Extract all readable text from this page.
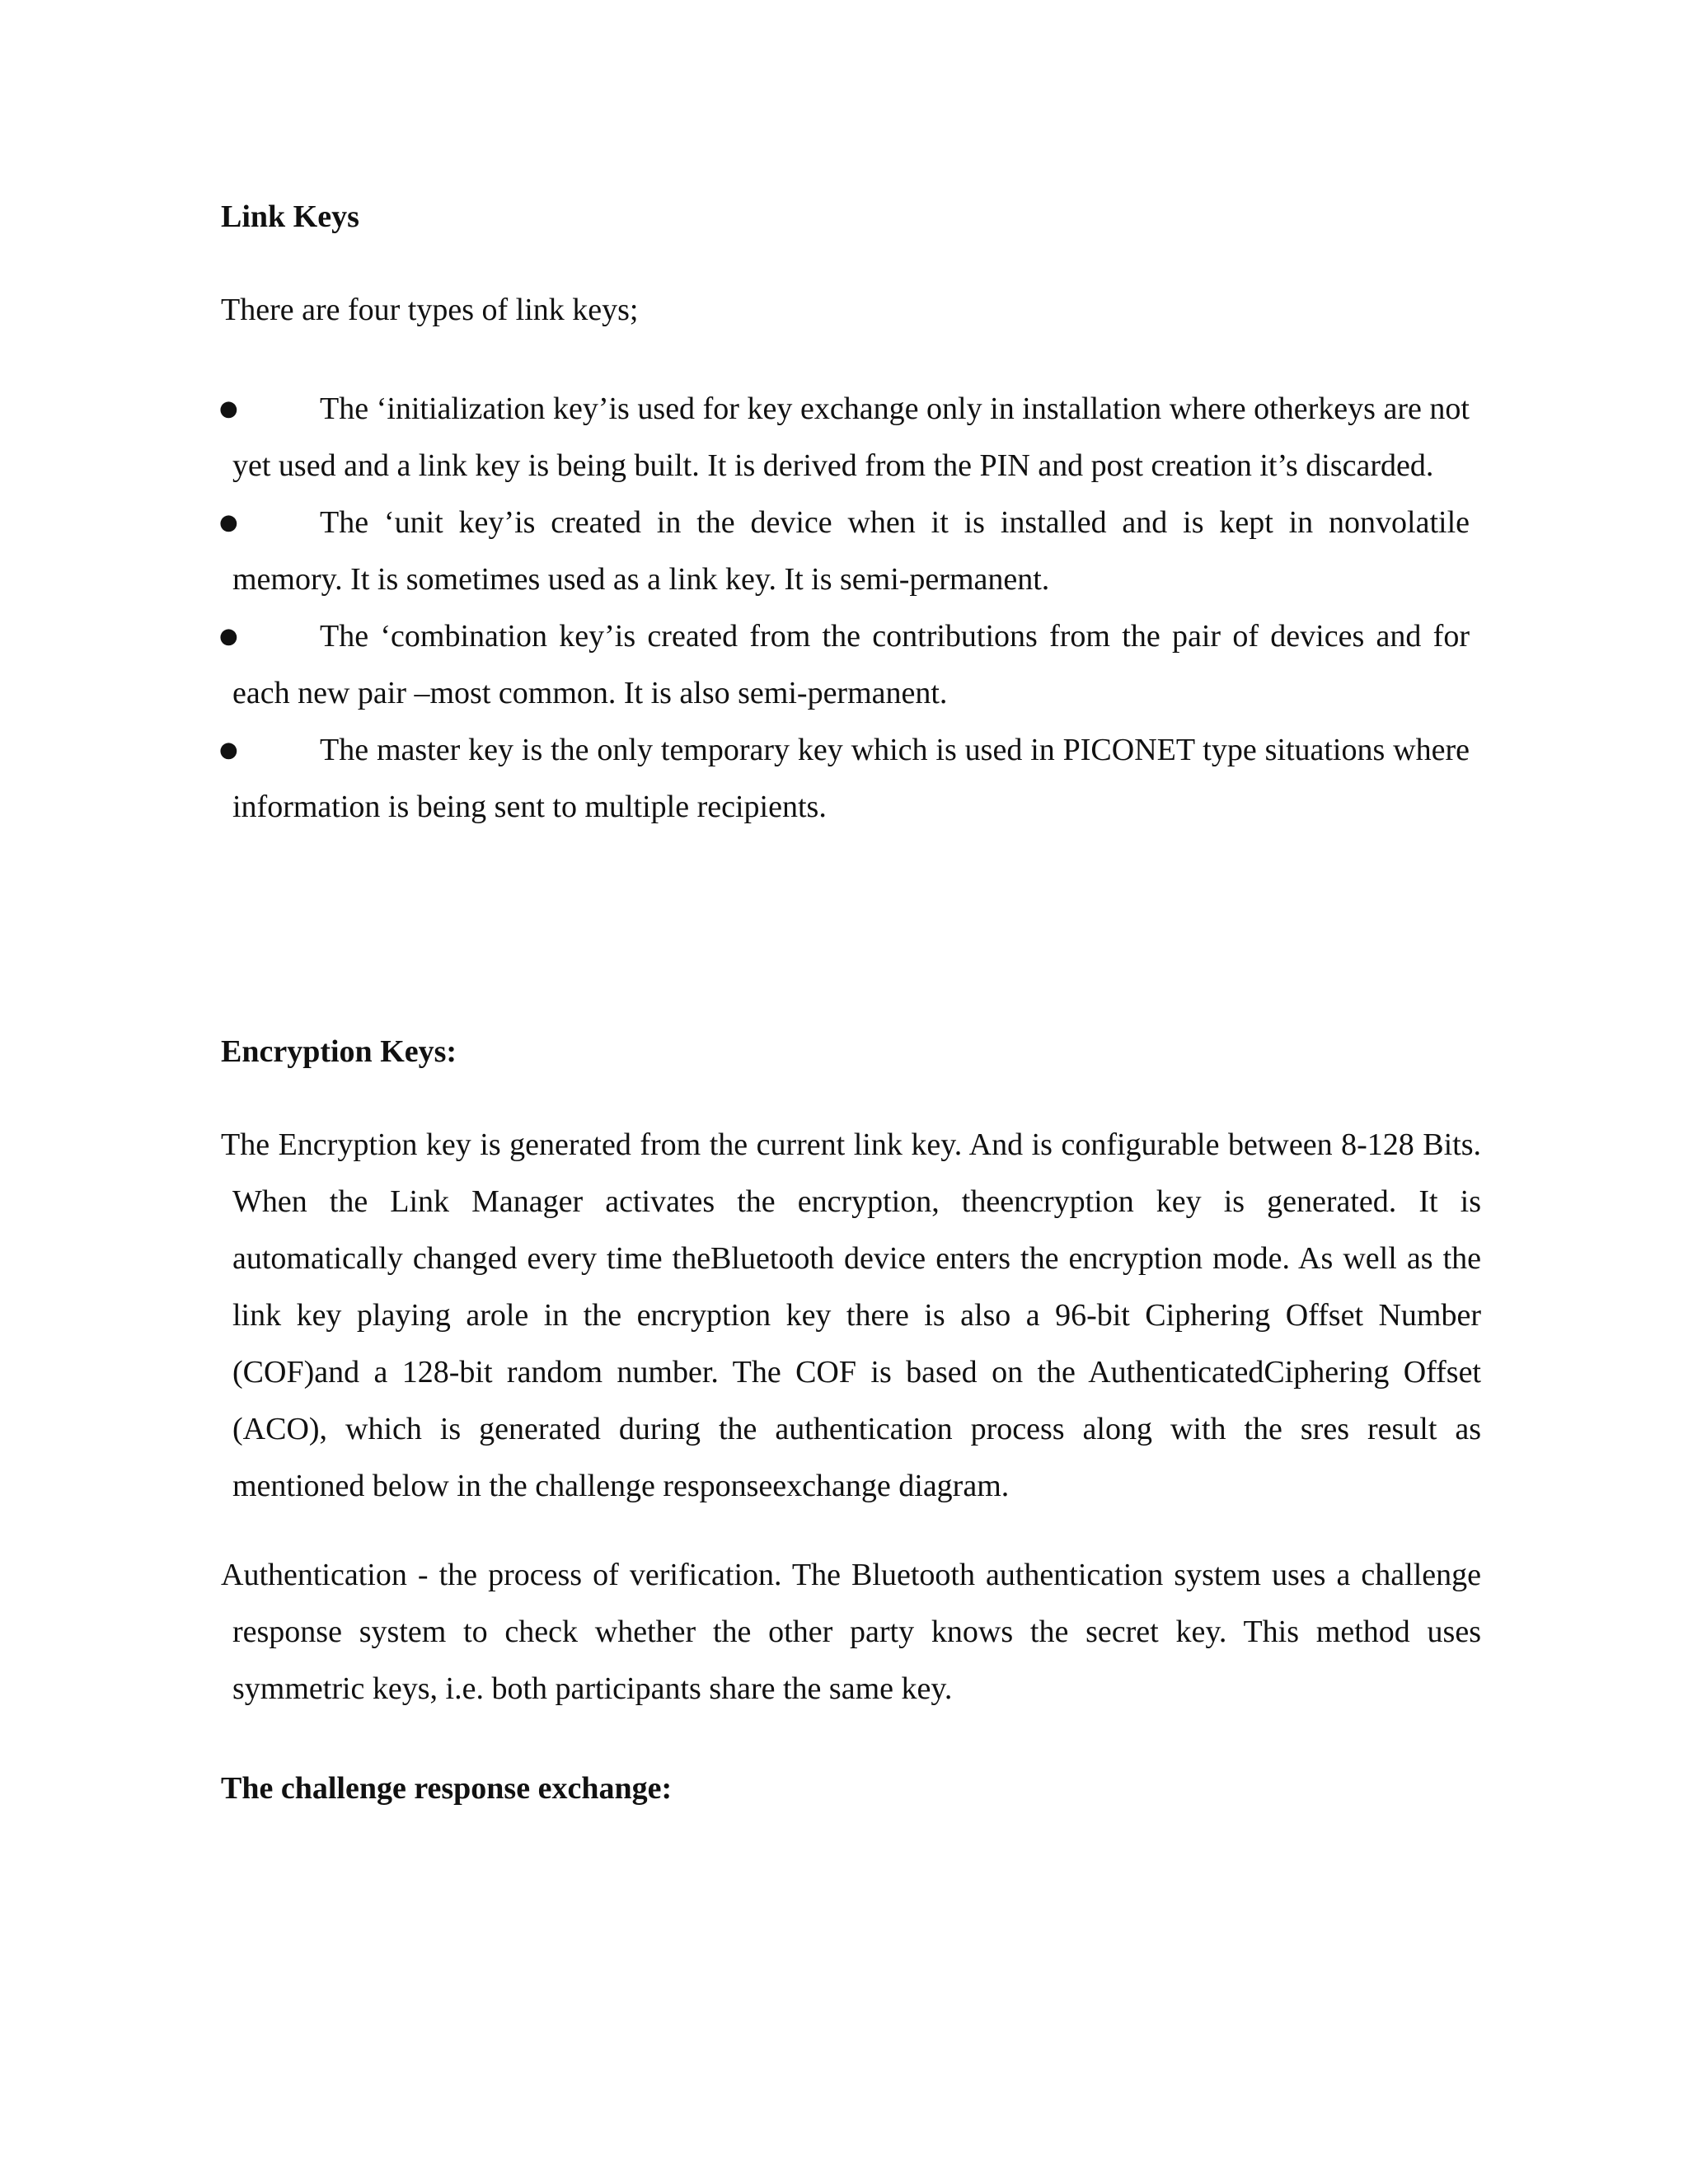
Link Keys

There are four types of link keys;

●	The ‘initialization key’is used for key exchange only in installation where otherkeys are not yet used and a link key is being built. It is derived from the PIN and post creation it’s discarded.
●	The ‘unit key’is created in the device when it is installed and is kept in nonvolatile memory. It is sometimes used as a link key. It is semi-permanent.
●	The ‘combination key’is created from the contributions from the pair of devices and for each new pair –most common. It is also semi-permanent.
●	The master key is the only temporary key which is used in PICONET type situations where information is being sent to multiple recipients.
Encryption Keys:

The Encryption key is generated from the current link key. And is configurable between 8-128 Bits. When the Link Manager activates the encryption, theencryption key is generated. It is automatically changed every time theBluetooth device enters the encryption mode. As well as the link key playing arole in the encryption key there is also a 96-bit Ciphering Offset Number (COF)and a 128-bit random number. The COF is based on the AuthenticatedCiphering Offset (ACO), which is generated during the authentication process along with the sres result as mentioned below in the challenge responseexchange diagram.

Authentication - the process of verification. The Bluetooth authentication system uses a challenge response system to check whether the other party knows the secret key. This method uses symmetric keys, i.e. both participants share the same key.

The challenge response exchange:
